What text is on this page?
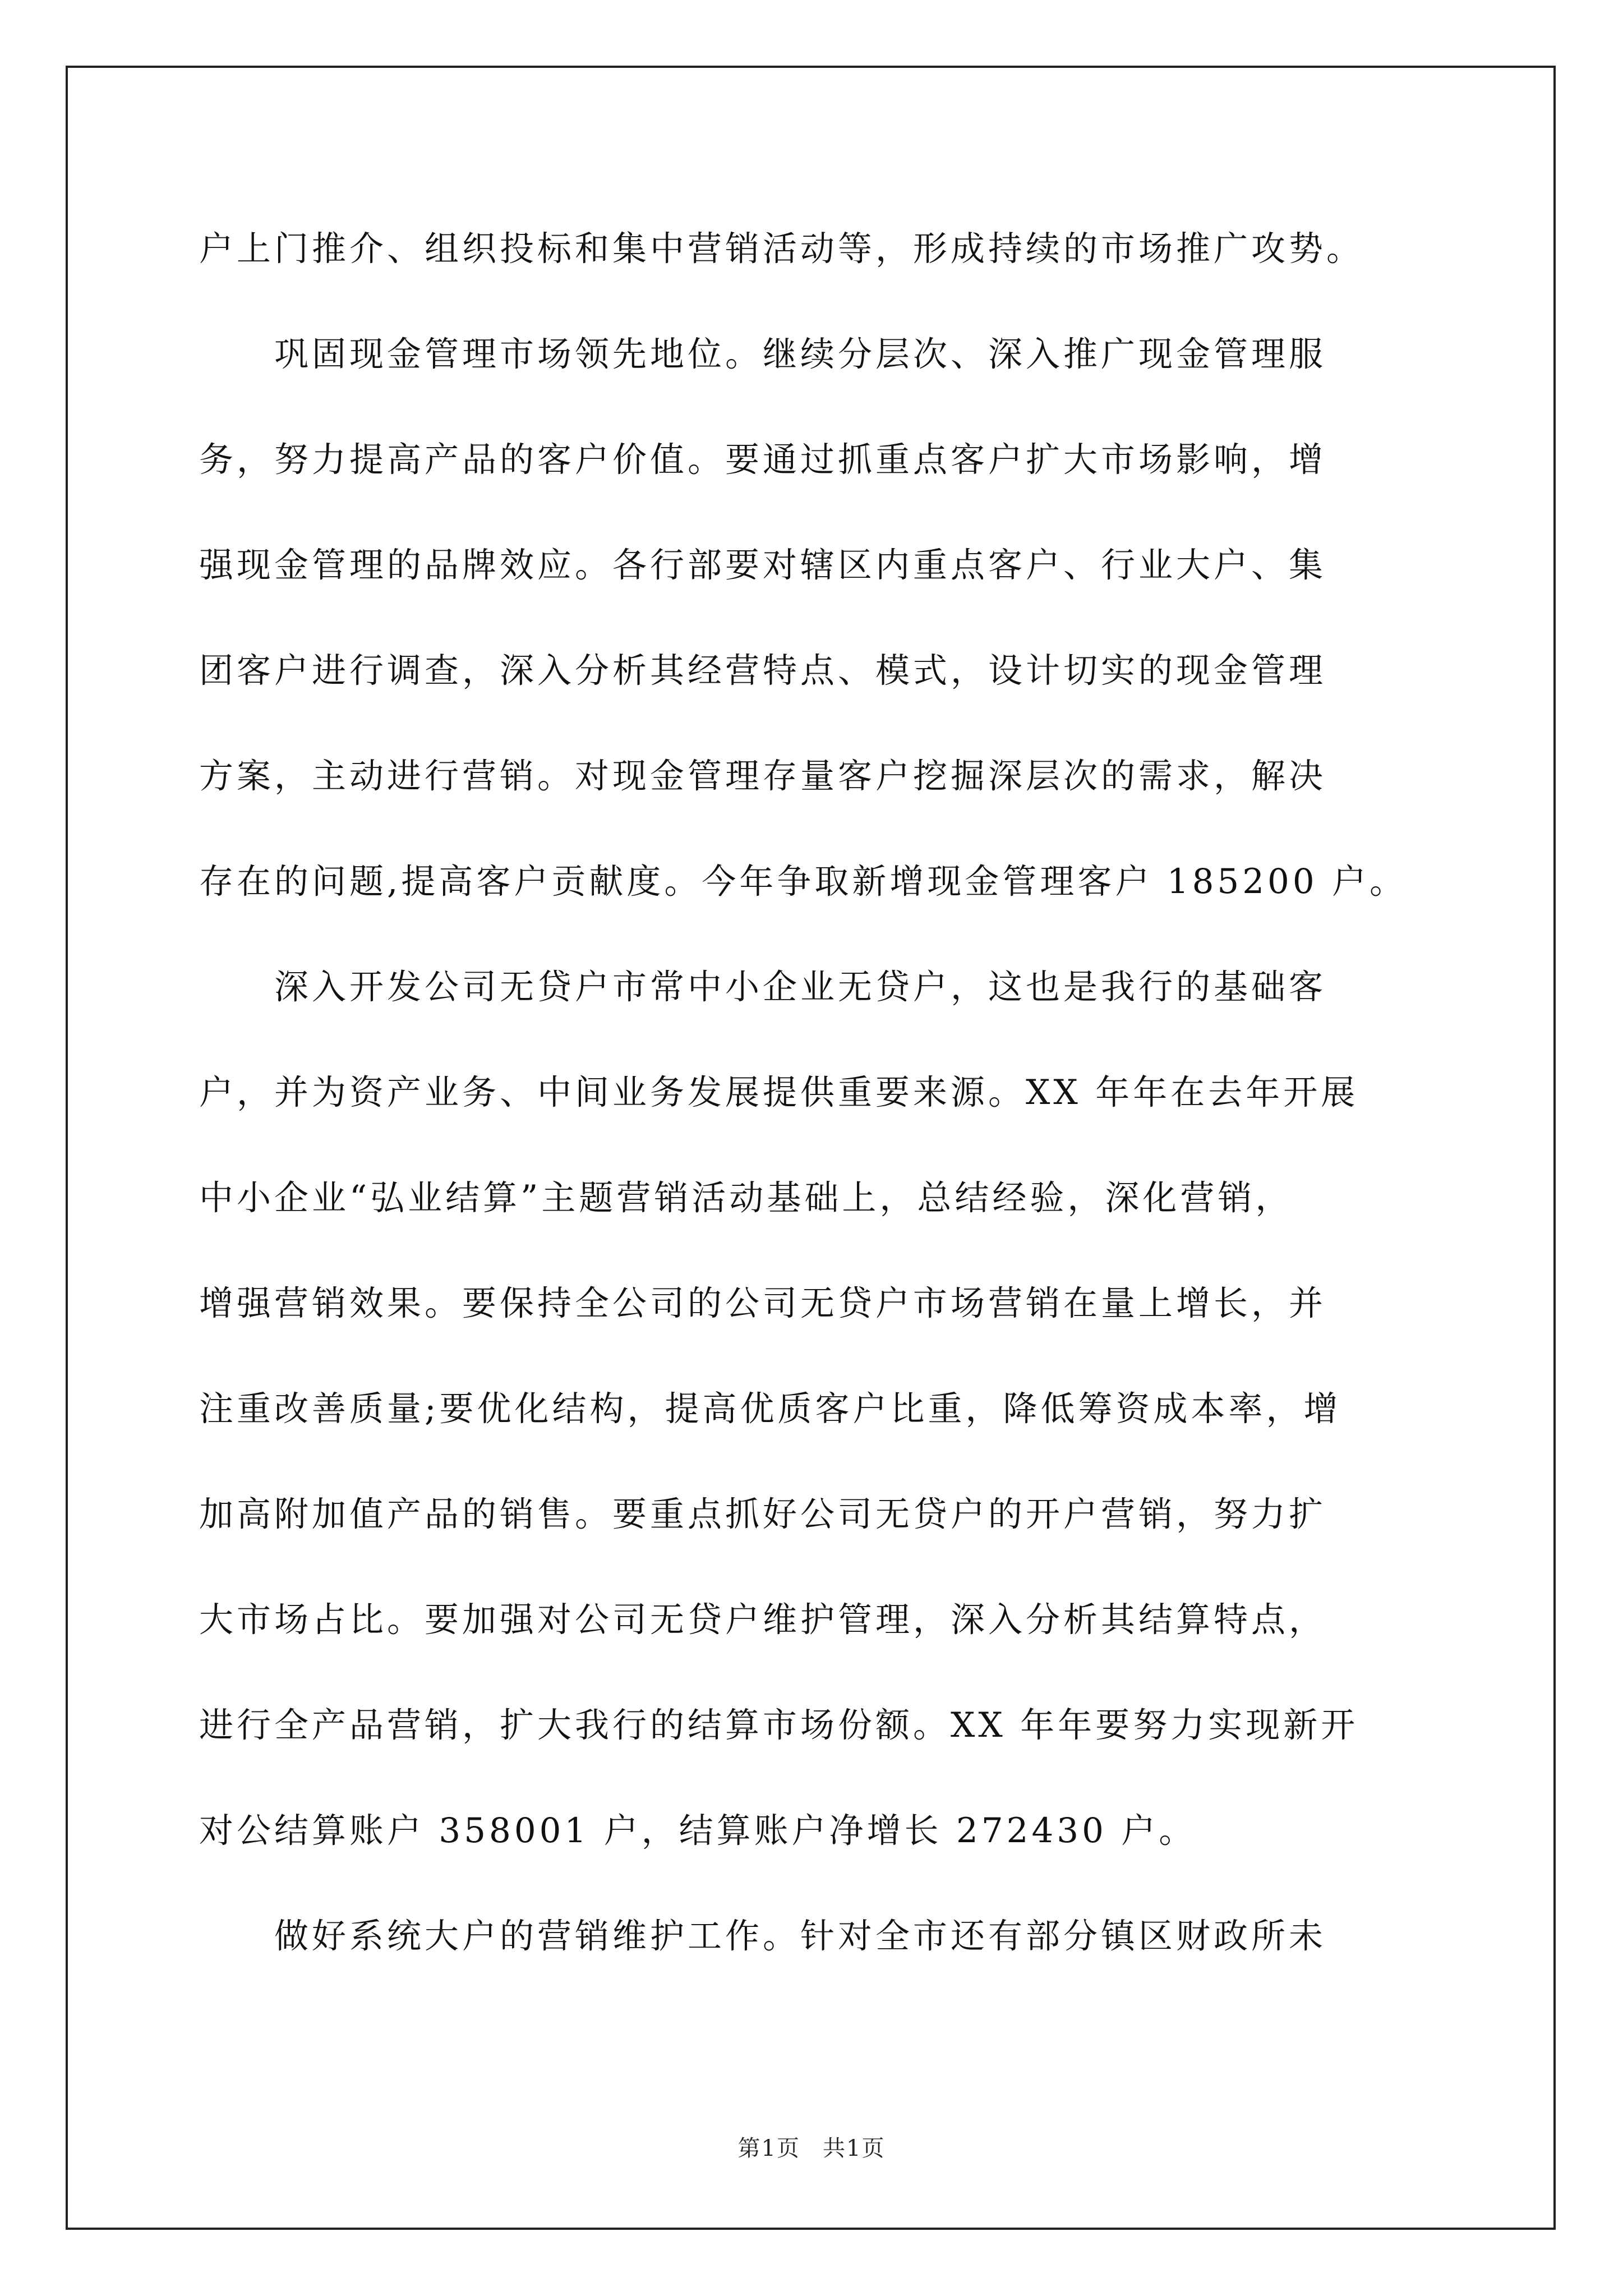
户上门推介、组织投标和集中营销活动等，形成持续的市场推广攻势。
巩固现金管理市场领先地位。继续分层次、深入推广现金管理服
务，努力提高产品的客户价值。要通过抓重点客户扩大市场影响，增
强现金管理的品牌效应。各行部要对辖区内重点客户、行业大户、集
团客户进行调查，深入分析其经营特点、模式，设计切实的现金管理
方案，主动进行营销。对现金管理存量客户挖掘深层次的需求，解决
存在的问题,提高客户贡献度。今年争取新增现金管理客户 185200 户。
深入开发公司无贷户市常中小企业无贷户，这也是我行的基础客
户，并为资产业务、中间业务发展提供重要来源。XX 年年在去年开展
中小企业“弘业结算”主题营销活动基础上，总结经验，深化营销，
增强营销效果。要保持全公司的公司无贷户市场营销在量上增长，并
注重改善质量;要优化结构，提高优质客户比重，降低筹资成本率，增
加高附加值产品的销售。要重点抓好公司无贷户的开户营销，努力扩
大市场占比。要加强对公司无贷户维护管理，深入分析其结算特点，
进行全产品营销，扩大我行的结算市场份额。XX 年年要努力实现新开
对公结算账户 358001 户，结算账户净增长 272430 户。
做好系统大户的营销维护工作。针对全市还有部分镇区财政所未
第1页 共1页
